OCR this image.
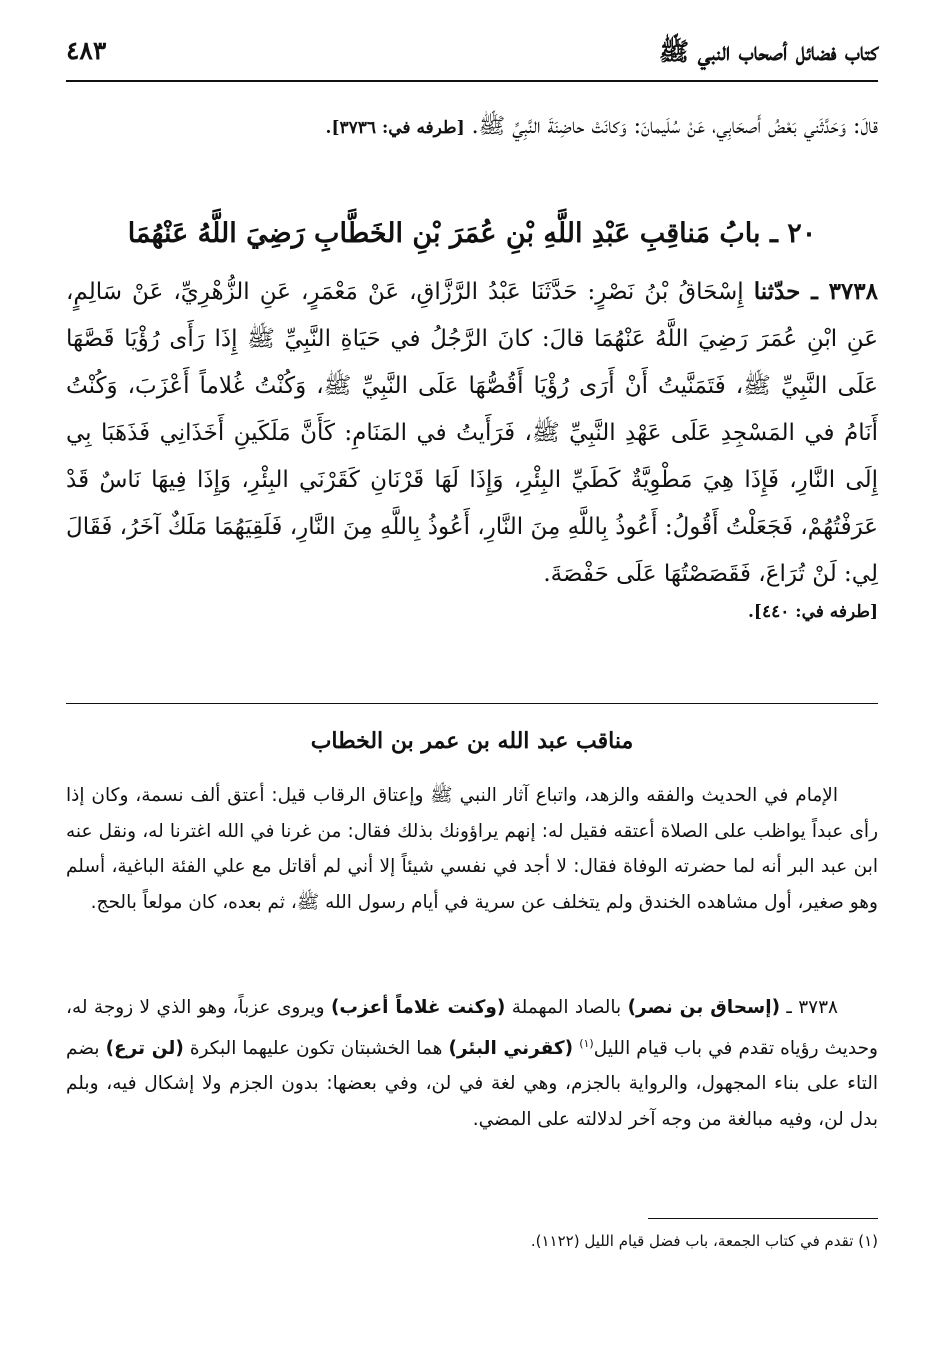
كتاب فضائل أصحاب النبي ﷺ
٤٨٣
قالَ: وَحَدَّثَني بَعْضُ أَصحَابِي، عَنْ سُلَيمانَ: وَكانَتْ حاضِنَةَ النَّبِيِّ ﷺ. [طرفه في: ٣٧٣٦].
٢٠ ـ بابُ مَناقِبِ عَبْدِ اللَّهِ بْنِ عُمَرَ بْنِ الخَطَّابِ رَضِيَ اللَّهُ عَنْهُمَا
٣٧٣٨ ـ حدّثنا إِسْحَاقُ بْنُ نَصْرٍ: حَدَّثَنَا عَبْدُ الرَّزَّاقِ، عَنْ مَعْمَرٍ، عَنِ الزُّهْرِيِّ، عَنْ سَالِمٍ، عَنِ ابْنِ عُمَرَ رَضِيَ اللَّهُ عَنْهُمَا قالَ: كانَ الرَّجُلُ في حَيَاةِ النَّبِيِّ ﷺ إِذَا رَأَى رُؤْيَا قَصَّهَا عَلَى النَّبِيِّ ﷺ، فَتَمَنَّيتُ أَنْ أَرَى رُؤْيَا أَقُصُّهَا عَلَى النَّبِيِّ ﷺ، وَكُنْتُ غُلاماً أَعْزَبَ، وَكُنْتُ أَنَامُ في المَسْجِدِ عَلَى عَهْدِ النَّبِيِّ ﷺ، فَرَأَيتُ في المَنَامِ: كَأَنَّ مَلَكَينِ أَخَذَانِي فَذَهَبَا بِي إِلَى النَّارِ، فَإِذَا هِيَ مَطْوِيَّةٌ كَطَيِّ البِئْرِ، وَإِذَا لَهَا قَرْنَانِ كَقَرْنَي البِئْرِ، وَإِذَا فِيهَا نَاسٌ قَدْ عَرَفْتُهُمْ، فَجَعَلْتُ أَقُولُ: أَعُوذُ بِاللَّهِ مِنَ النَّارِ، أَعُوذُ بِاللَّهِ مِنَ النَّارِ، فَلَقِيَهُمَا مَلَكٌ آخَرُ، فَقَالَ لِي: لَنْ تُرَاعَ، فَقَصَصْتُهَا عَلَى حَفْصَةَ.
[طرفه في: ٤٤٠].
مناقب عبد الله بن عمر بن الخطاب

الإمام في الحديث والفقه والزهد، واتباع آثار النبي ﷺ وإعتاق الرقاب قيل: أعتق ألف نسمة، وكان إذا رأى عبداً يواظب على الصلاة أعتقه فقيل له: إنهم يراؤونك بذلك فقال: من غرنا في الله اغترنا له، ونقل عنه ابن عبد البر أنه لما حضرته الوفاة فقال: لا أجد في نفسي شيئاً إلا أني لم أقاتل مع علي الفئة الباغية، أسلم وهو صغير، أول مشاهده الخندق ولم يتخلف عن سرية في أيام رسول الله ﷺ، ثم بعده، كان مولعاً بالحج.

٣٧٣٨ ـ (إسحاق بن نصر) بالصاد المهملة (وكنت غلاماً أعزب) ويروى عزباً، وهو الذي لا زوجة له، وحديث رؤياه تقدم في باب قيام الليل$^{(١)}$ (كقرني البئر) هما الخشبتان تكون عليهما البكرة (لن ترع) بضم التاء على بناء المجهول، والرواية بالجزم، وهي لغة في لن، وفي بعضها: بدون الجزم ولا إشكال فيه، وبلم بدل لن، وفيه مبالغة من وجه آخر لدلالته على المضي.

(١) تقدم في كتاب الجمعة، باب فضل قيام الليل (١١٢٢).
